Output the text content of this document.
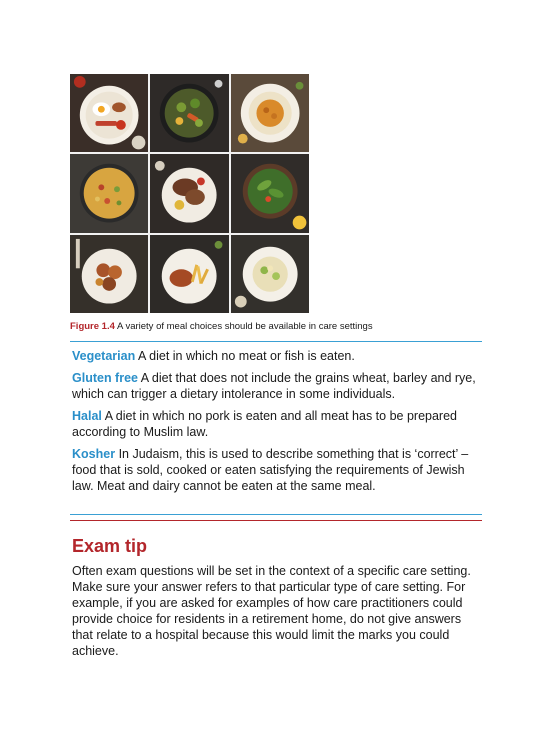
Figure 1.4 A variety of meal choices should be available in care settings

Vegetarian A diet in which no meat or fish is eaten.

Gluten free A diet that does not include the grains wheat, barley and rye, which can trigger a dietary intolerance in some individuals.

Halal A diet in which no pork is eaten and all meat has to be prepared according to Muslim law.

Kosher In Judaism, this is used to describe something that is ‘correct’ – food that is sold, cooked or eaten satisfying the requirements of Jewish law. Meat and dairy cannot be eaten at the same meal.

Exam tip

Often exam questions will be set in the context of a specific care setting. Make sure your answer refers to that particular type of care setting. For example, if you are asked for examples of how care practitioners could provide choice for residents in a retirement home, do not give answers that relate to a hospital because this would limit the marks you could achieve.
